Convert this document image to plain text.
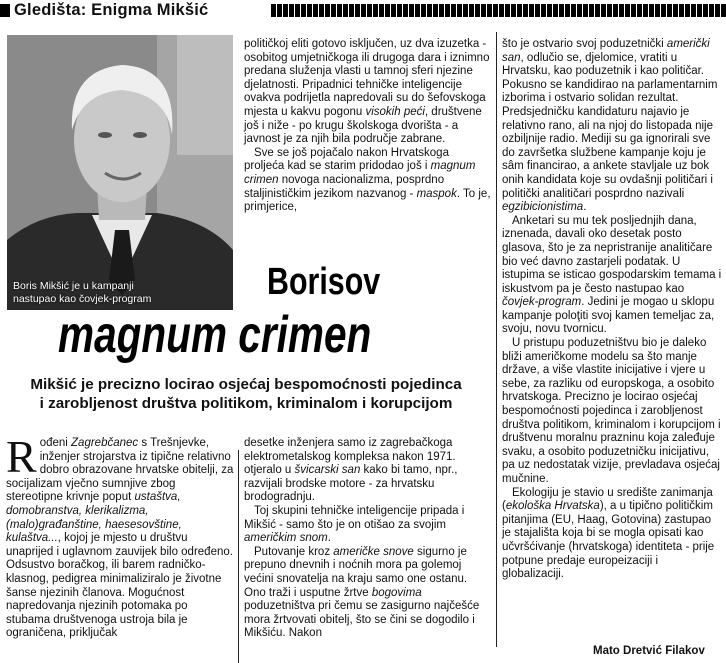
Gledišta: Enigma Mikšić
Boris Mikšić je u kampanji
nastupao kao čovjek-program

političkoj eliti gotovo isključen, uz dva izuzetka - osobitog umjetničkoga ili drugoga dara i iznimno predana služenja vlasti u tamnoj sferi njezine djelatnosti. Pripadnici tehničke inteligencije ovakva podrijetla napredovali su do šefovskoga mjesta u kakvu pogonu visokih peći, društvene još i niže - po krugu školskoga dvorišta - a javnost je za njih bila područje zabrane.

Sve se još pojačalo nakon Hrvatskoga proljeća kad se starim pridodao još i magnum crimen novoga nacionalizma, posprdno staljinističkim jezikom nazvanog - maspok. To je, primjerice,

Borisov
magnum crimen
Mikšić je precizno locirao osjećaj bespomoćnosti pojedinca
i zarobljenost društva politikom, kriminalom i korupcijom

što je ostvario svoj poduzetnički američki san, odlučio se, djelomice, vratiti u Hrvatsku, kao poduzetnik i kao političar. Pokusno se kandidirao na parlamentarnim izborima i ostvario solidan rezultat. Predsjedničku kandidaturu najavio je relativno rano, ali na njoj do listopada nije ozbiljnije radio. Mediji su ga ignorirali sve do završetka službene kampanje koju je sâm financirao, a ankete stavljale uz bok onih kandidata koje su ovdašnji političari i politički analitičari posprdno nazivali egzibicionistima.

Anketari su mu tek posljednjih dana, iznenada, davali oko desetak posto glasova, što je za nepristranije analitičare bio već davno zastarjeli podatak. U istupima se isticao gospodarskim temama i iskustvom pa je često nastupao kao čovjek-program. Jedini je mogao u sklopu kampanje poloţiti svoj kamen temeljac za, svoju, novu tvornicu.

U pristupu poduzetništvu bio je daleko bliži američkome modelu sa što manje države, a više vlastite inicijative i vjere u sebe, za razliku od europskoga, a osobito hrvatskoga. Precizno je locirao osjećaj bespomoćnosti pojedinca i zarobljenost društva politikom, kriminalom i korupcijom i društvenu moralnu prazninu koja zaleđuje svaku, a osobito poduzetničku inicijativu, pa uz nedostatak vizije, prevladava osjećaj mučnine.

Ekologiju je stavio u središte zanimanja (ekološka Hrvatska), a u tipično političkim pitanjima (EU, Haag, Gotovina) zastupao je stajališta koja bi se mogla opisati kao učvršćivanje (hrvatskoga) identiteta - prije potpune predaje europeizaciji i globalizaciji.

Rođeni Zagrebčanec s Trešnjevke, inženjer strojarstva iz tipične relativno dobro obrazovane hrvatske obitelji, za socijalizam vječno sumnjive zbog stereotipne krivnje poput ustaštva, domobranstva, klerikalizma, (malo)građanštine, haesesovštine, kulaštva..., kojoj je mjesto u društvu unaprijed i uglavnom zauvijek bilo određeno. Odsustvo boračkog, ili barem radničko-klasnog, pedigrea minimaliziralo je životne šanse njezinih članova. Mogućnost napredovanja njezinih potomaka po stubama društvenoga ustroja bila je ograničena, priključak

desetke inženjera samo iz zagrebačkoga elektrometalskog kompleksa nakon 1971. otjeralo u švicarski san kako bi tamo, npr., razvijali brodske motore - za hrvatsku brodogradnju.

Toj skupini tehničke inteligencije pripada i Mikšić - samo što je on otišao za svojim američkim snom.

Putovanje kroz američke snove sigurno je prepuno dnevnih i noćnih mora pa golemoj većini snovatelja na kraju samo one ostanu. Ono traži i usputne žrtve bogovima poduzetništva pri čemu se zasigurno najčešće mora žrtvovati obitelj, što se čini se dogodilo i Mikšiću. Nakon

Mato Dretvić Filakov
